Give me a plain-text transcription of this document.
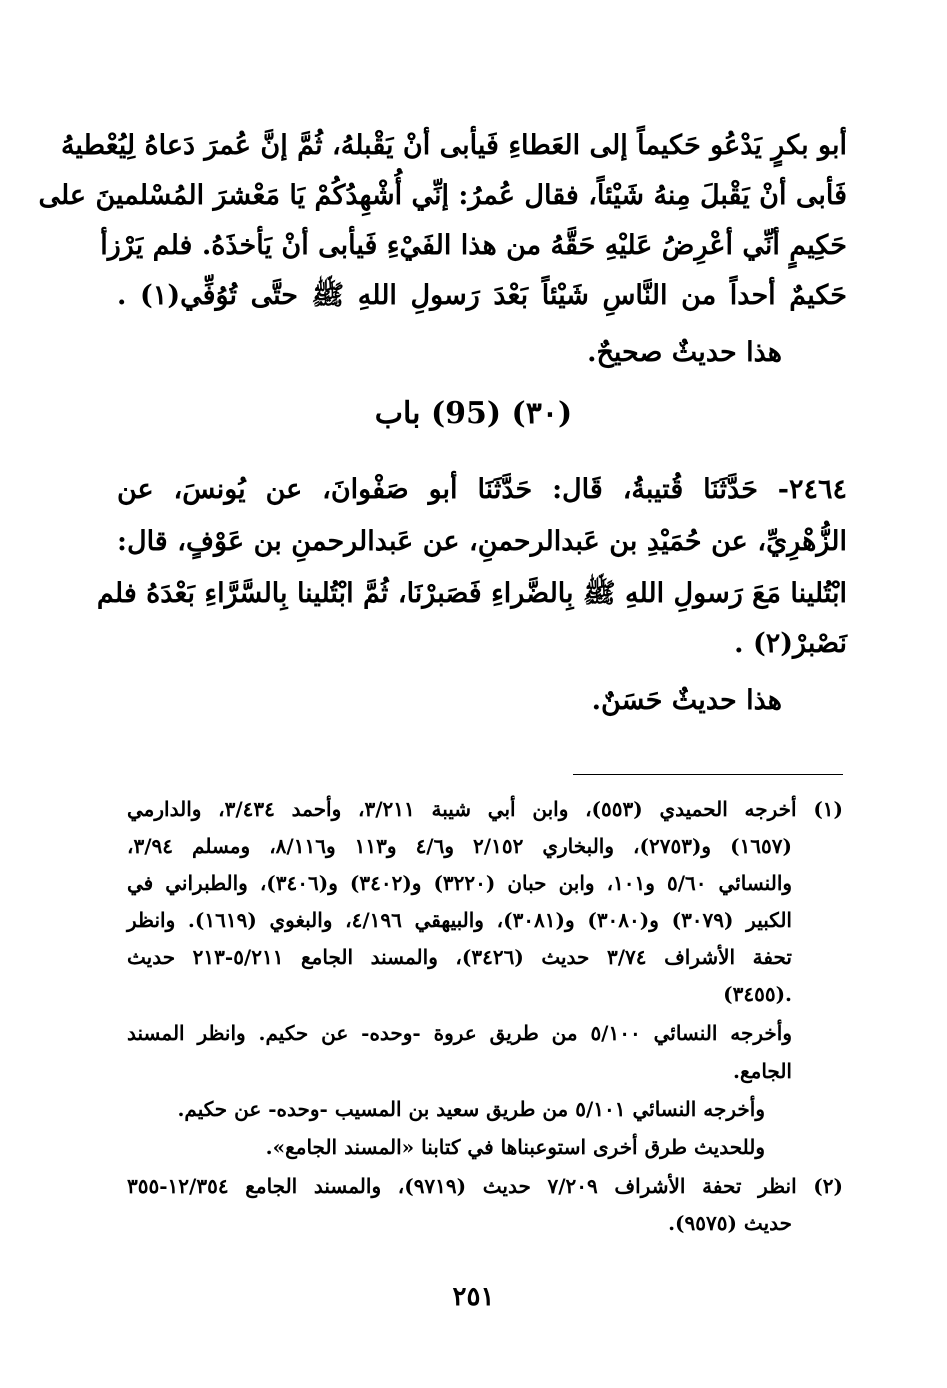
أبو بكرٍ يَدْعُو حَكيماً إلى العَطاءِ فَيأبى أنْ يَقْبلهُ، ثُمَّ إنَّ عُمرَ دَعاهُ لِيُعْطيهُ
فَأبى أنْ يَقْبلَ مِنهُ شَيْئاً، فقال عُمرُ: إنِّي أُشْهِدُكُمْ يَا مَعْشرَ المُسْلمينَ على
حَكِيمٍ أنِّي أعْرِضُ عَليْهِ حَقَّهُ من هذا الفَيْءِ فَيأبى أنْ يَأخذَهُ. فلم يَرْزأ
حَكيمٌ أحداً من النَّاسِ شَيْئاً بَعْدَ رَسولِ اللهِ ﷺ حتَّى تُوُفِّي(١) .
هذا حديثٌ صحيحٌ.
(٣٠) (95) باب
٢٤٦٤- حَدَّثَنَا قُتيبةُ، قَال: حَدَّثَنَا أبو صَفْوانَ، عن يُونسَ، عن
الزُّهْرِيِّ، عن حُمَيْدِ بن عَبدالرحمنِ، عن عَبدالرحمنِ بن عَوْفٍ، قال:
ابْتُلينا مَعَ رَسولِ اللهِ ﷺ بِالضَّراءِ فَصَبرْنَا، ثُمَّ ابْتُلينا بِالسَّرَّاءِ بَعْدَهُ فلم
نَصْبرْ(٢) .
هذا حديثٌ حَسَنٌ.
(١) أخرجه الحميدي (٥٥٣)، وابن أبي شيبة ٣/٢١١، وأحمد ٣/٤٣٤، والدارمي
(١٦٥٧) و(٢٧٥٣)، والبخاري ٢/١٥٢ و٤/٦ و١١٣ و٨/١١٦، ومسلم ٣/٩٤،
والنسائي ٥/٦٠ و١٠١، وابن حبان (٣٢٢٠) و(٣٤٠٢) و(٣٤٠٦)، والطبراني في
الكبير (٣٠٧٩) و(٣٠٨٠) و(٣٠٨١)، والبيهقي ٤/١٩٦، والبغوي (١٦١٩). وانظر
تحفة الأشراف ٣/٧٤ حديث (٣٤٢٦)، والمسند الجامع ٥/٢١١-٢١٣ حديث
(٣٤٥٥).
وأخرجه النسائي ٥/١٠٠ من طريق عروة -وحده- عن حكيم. وانظر المسند
الجامع.
وأخرجه النسائي ٥/١٠١ من طريق سعيد بن المسيب -وحده- عن حكيم.
وللحديث طرق أخرى استوعبناها في كتابنا «المسند الجامع».
(٢) انظر تحفة الأشراف ٧/٢٠٩ حديث (٩٧١٩)، والمسند الجامع ١٢/٣٥٤-٣٥٥
حديث (٩٥٧٥).
٢٥١
